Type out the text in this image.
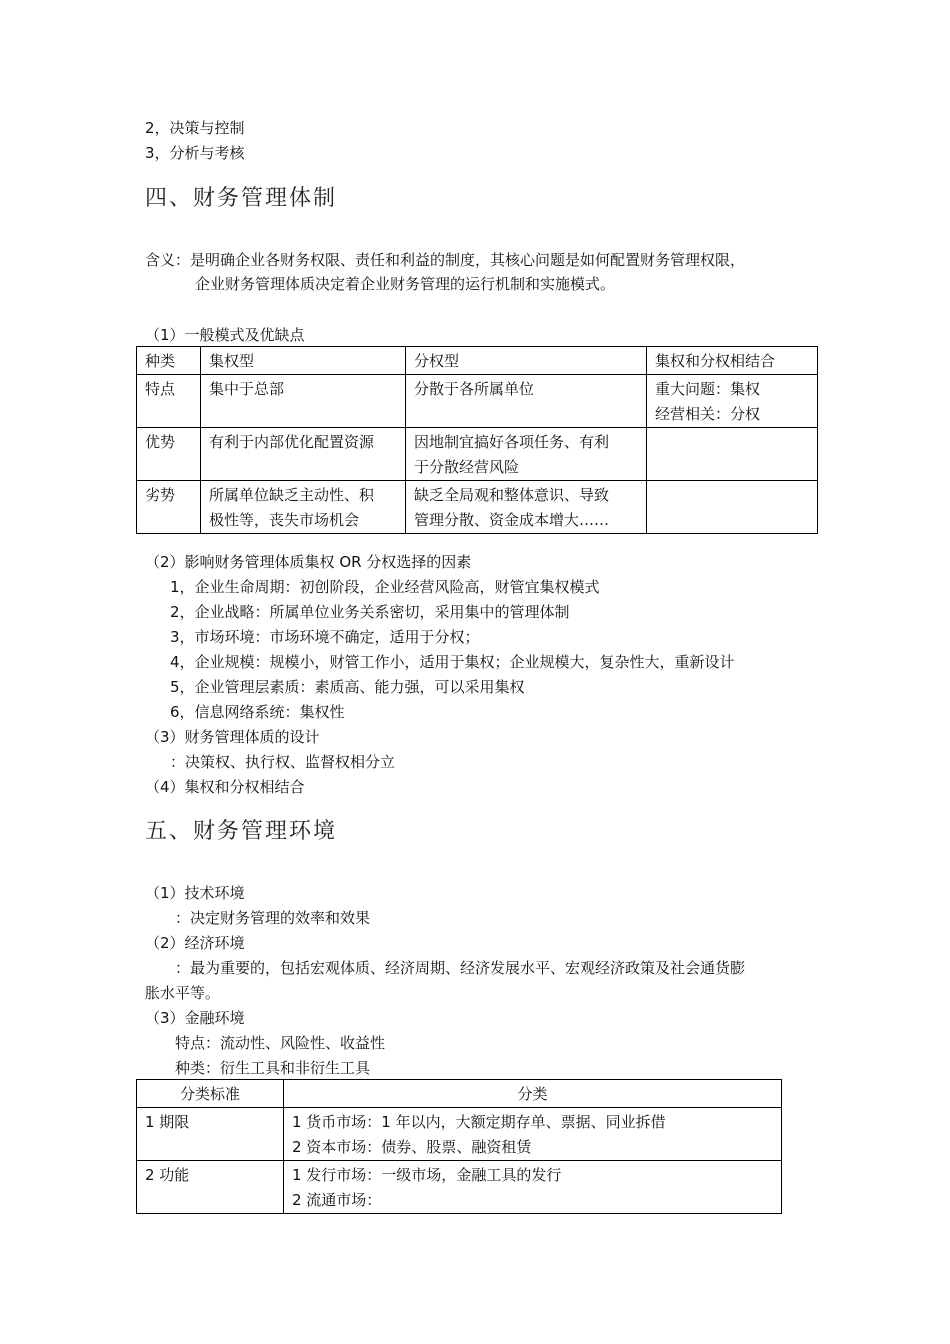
2，决策与控制
3，分析与考核
四、财务管理体制
含义：是明确企业各财务权限、责任和利益的制度，其核心问题是如何配置财务管理权限，
企业财务管理体质决定着企业财务管理的运行机制和实施模式。
（1）一般模式及优缺点
种类	集权型	分权型	集权和分权相结合
特点	集中于总部	分散于各所属单位	重大问题：集权
经营相关：分权

优势	有利于内部优化配置资源	因地制宜搞好各项任务、有利
于分散经营风险	

劣势	所属单位缺乏主动性、积
极性等，丧失市场机会	缺乏全局观和整体意识、导致
管理分散、资金成本增大……	

（2）影响财务管理体质集权 OR 分权选择的因素
1，企业生命周期：初创阶段，企业经营风险高，财管宜集权模式
2，企业战略：所属单位业务关系密切，采用集中的管理体制
3，市场环境：市场环境不确定，适用于分权；
4，企业规模：规模小，财管工作小，适用于集权；企业规模大，复杂性大，重新设计
5，企业管理层素质：素质高、能力强，可以采用集权
6，信息网络系统：集权性
（3）财务管理体质的设计
：决策权、执行权、监督权相分立
（4）集权和分权相结合
五、财务管理环境
（1）技术环境
：决定财务管理的效率和效果
（2）经济环境
：最为重要的，包括宏观体质、经济周期、经济发展水平、宏观经济政策及社会通货膨
胀水平等。
（3）金融环境
特点：流动性、风险性、收益性
种类：衍生工具和非衍生工具
分类标准	分类
1 期限	1 货币市场：1 年以内，大额定期存单、票据、同业拆借
2 资本市场：债券、股票、融资租赁

2 功能	1 发行市场：一级市场，金融工具的发行
2 流通市场：
